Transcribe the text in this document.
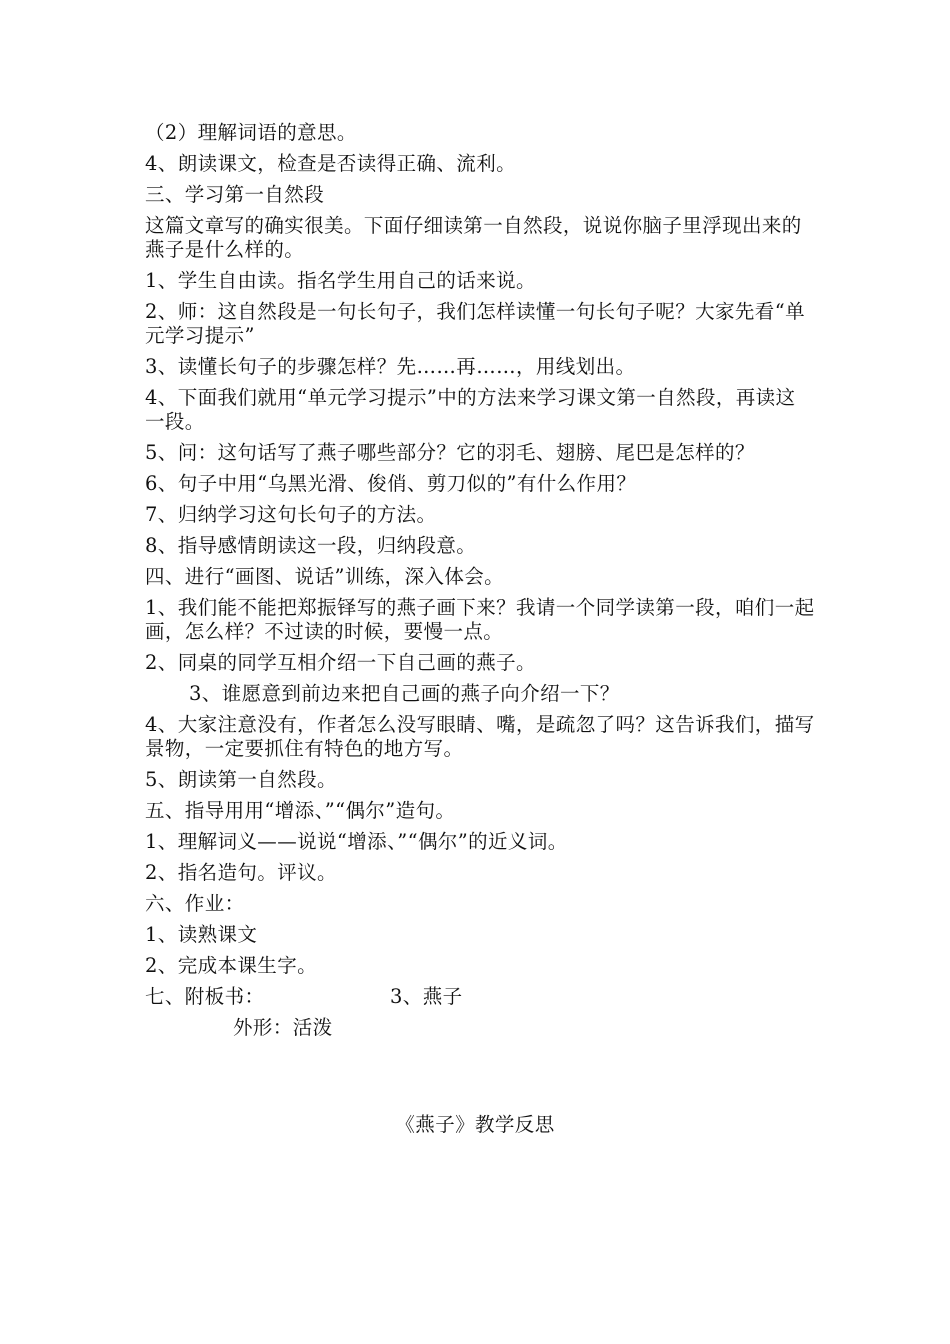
（2）理解词语的意思。

4、朗读课文，检查是否读得正确、流利。

三、学习第一自然段

这篇文章写的确实很美。下面仔细读第一自然段，说说你脑子里浮现出来的燕子是什么样的。

1、学生自由读。指名学生用自己的话来说。

2、师：这自然段是一句长句子，我们怎样读懂一句长句子呢？大家先看“单元学习提示”

3、读懂长句子的步骤怎样？先……再……，用线划出。

4、下面我们就用“单元学习提示”中的方法来学习课文第一自然段，再读这一段。

5、问：这句话写了燕子哪些部分？它的羽毛、翅膀、尾巴是怎样的？

6、句子中用“乌黑光滑、俊俏、剪刀似的”有什么作用？

7、归纳学习这句长句子的方法。

8、指导感情朗读这一段，归纳段意。

四、进行“画图、说话”训练，深入体会。

1、我们能不能把郑振铎写的燕子画下来？我请一个同学读第一段，咱们一起画，怎么样？不过读的时候，要慢一点。

2、同桌的同学互相介绍一下自己画的燕子。

3、谁愿意到前边来把自己画的燕子向介绍一下？

4、大家注意没有，作者怎么没写眼睛、嘴，是疏忽了吗？这告诉我们，描写景物，一定要抓住有特色的地方写。

5、朗读第一自然段。

五、指导用用“增添、”“偶尔”造句。

1、理解词义——说说“增添、”“偶尔”的近义词。

2、指名造句。评议。

六、作业：

1、读熟课文

2、完成本课生字。

七、附板书：	3、燕子

外形：活泼

《燕子》教学反思
